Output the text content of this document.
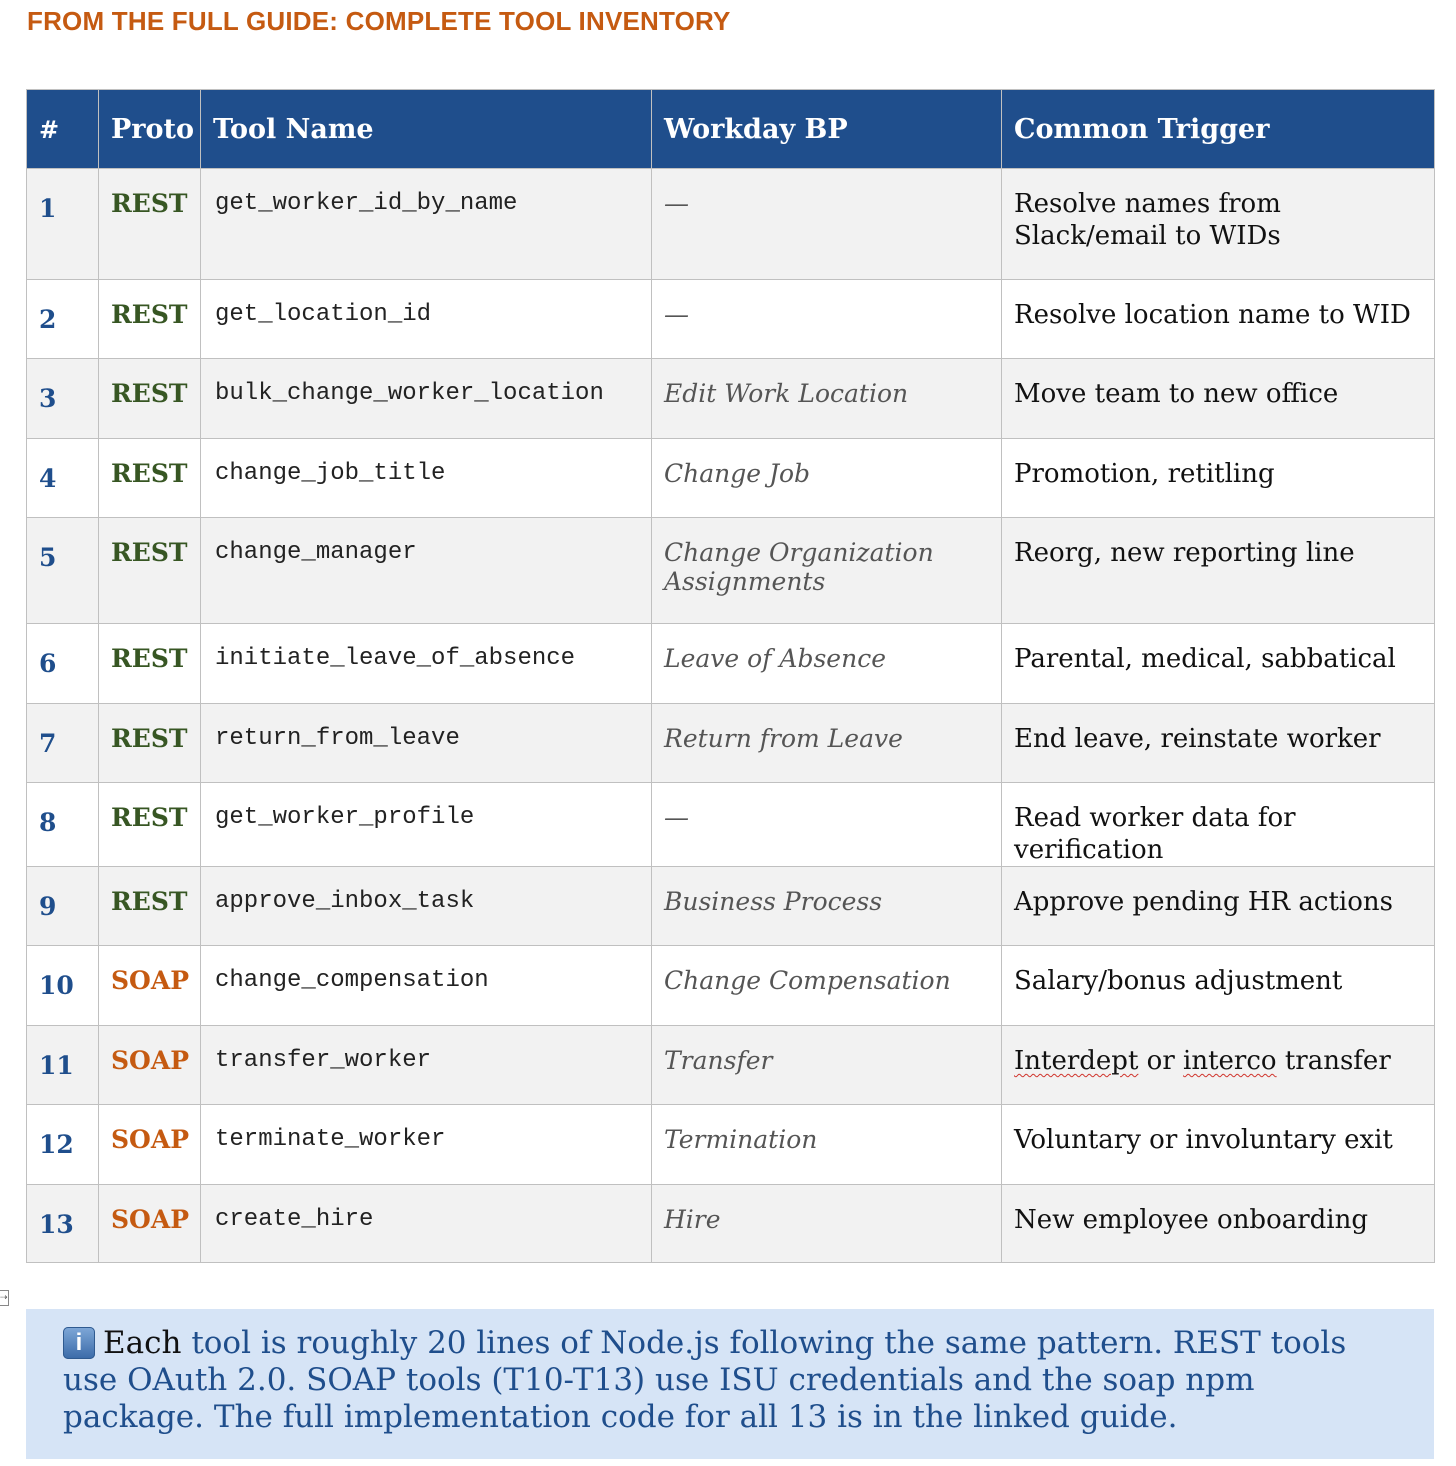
FROM THE FULL GUIDE: COMPLETE TOOL INVENTORY
#	Proto	Tool Name	Workday BP	Common Trigger
1	REST	get_worker_id_by_name	—	Resolve names from Slack/email to WIDs
2	REST	get_location_id	—	Resolve location name to WID
3	REST	bulk_change_worker_location	Edit Work Location	Move team to new office
4	REST	change_job_title	Change Job	Promotion, retitling
5	REST	change_manager	Change Organization Assignments	Reorg, new reporting line
6	REST	initiate_leave_of_absence	Leave of Absence	Parental, medical, sabbatical
7	REST	return_from_leave	Return from Leave	End leave, reinstate worker
8	REST	get_worker_profile	—	Read worker data for verification
9	REST	approve_inbox_task	Business Process	Approve pending HR actions
10	SOAP	change_compensation	Change Compensation	Salary/bonus adjustment
11	SOAP	transfer_worker	Transfer	Interdept or interco transfer
12	SOAP	terminate_worker	Termination	Voluntary or involuntary exit
13	SOAP	create_hire	Hire	New employee onboarding
⇢
i Each tool is roughly 20 lines of Node.js following the same pattern. REST tools use OAuth 2.0. SOAP tools (T10-T13) use ISU credentials and the soap npm package. The full implementation code for all 13 is in the linked guide.
